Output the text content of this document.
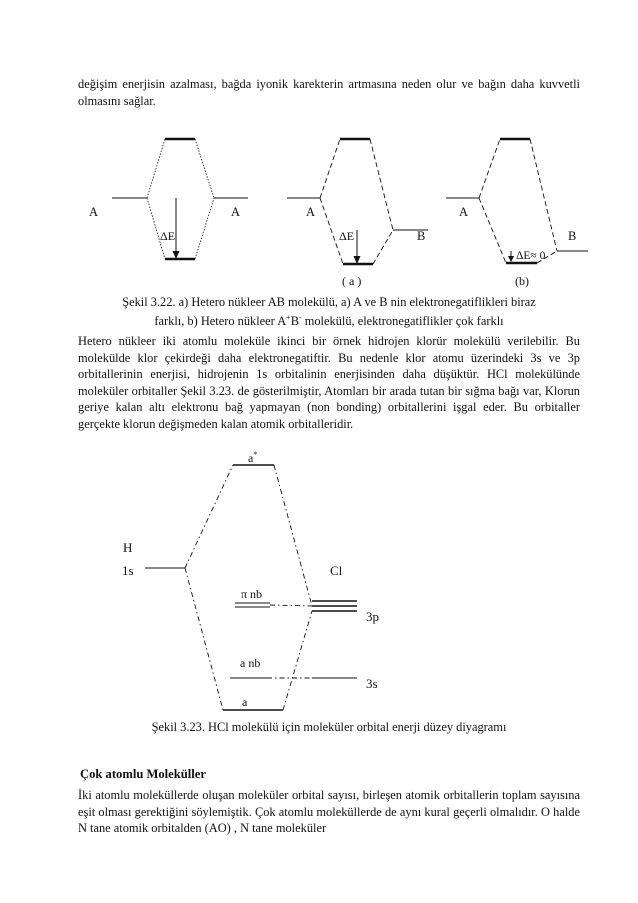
değişim enerjisin azalması, bağda iyonik karekterin artmasına neden olur ve bağın daha kuvvetli olmasını sağlar.

A	A
ΔE
A
B
ΔE
( a )
A
B
ΔE≈ 0
(b)

Şekil 3.22. a) Hetero nükleer AB molekülü, a) A ve B nin elektronegatiflikleri biraz

farklı, b) Hetero nükleer A+B- molekülü, elektronegatiflikler çok farklı

Hetero nükleer iki atomlu moleküle ikinci bir örnek hidrojen klorür molekülü verilebilir. Bu molekülde klor çekirdeği daha elektronegatiftir. Bu nedenle klor atomu üzerindeki 3s ve 3p orbitallerinin enerjisi, hidrojenin 1s orbitalinin enerjisinden daha düşüktür. HCl molekülünde moleküler orbitaller Şekil 3.23. de gösterilmiştir, Atomları bir arada tutan bir sığma bağı var, Klorun geriye kalan altı elektronu bağ yapmayan (non bonding) orbitallerini işgal eder. Bu orbitaller gerçekte klorun değişmeden kalan atomik orbitalleridir.

a*
H
1s	Cl
π nb
3p
a nb
3s
a

Şekil 3.23. HCl molekülü için moleküler orbital enerji düzey diyagramı

Çok atomlu Moleküller

İki atomlu moleküllerde oluşan moleküler orbital sayısı, birleşen atomik orbitallerin toplam sayısına eşit olması gerektiğini söylemiştik. Çok atomlu moleküllerde de aynı kural geçerli olmalıdır. O halde N tane atomik orbitalden (AO) , N tane moleküler
